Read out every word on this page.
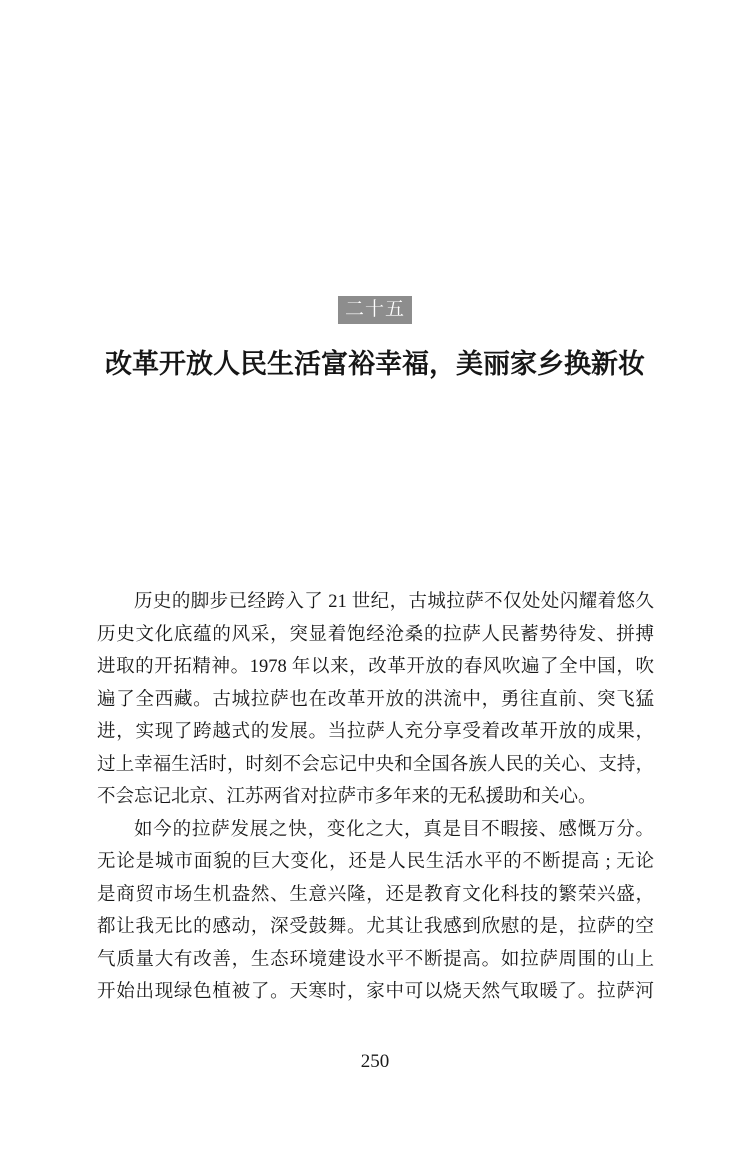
二十五
改革开放人民生活富裕幸福，美丽家乡换新妆
历史的脚步已经跨入了 21 世纪，古城拉萨不仅处处闪耀着悠久
历史文化底蕴的风采，突显着饱经沧桑的拉萨人民蓄势待发、拼搏
进取的开拓精神。1978 年以来，改革开放的春风吹遍了全中国，吹
遍了全西藏。古城拉萨也在改革开放的洪流中，勇往直前、突飞猛
进，实现了跨越式的发展。当拉萨人充分享受着改革开放的成果，
过上幸福生活时，时刻不会忘记中央和全国各族人民的关心、支持，
不会忘记北京、江苏两省对拉萨市多年来的无私援助和关心。
如今的拉萨发展之快，变化之大，真是目不暇接、感慨万分。
无论是城市面貌的巨大变化，还是人民生活水平的不断提高 ; 无论
是商贸市场生机盎然、生意兴隆，还是教育文化科技的繁荣兴盛，
都让我无比的感动，深受鼓舞。尤其让我感到欣慰的是，拉萨的空
气质量大有改善，生态环境建设水平不断提高。如拉萨周围的山上
开始出现绿色植被了。天寒时，家中可以烧天然气取暖了。拉萨河
250
